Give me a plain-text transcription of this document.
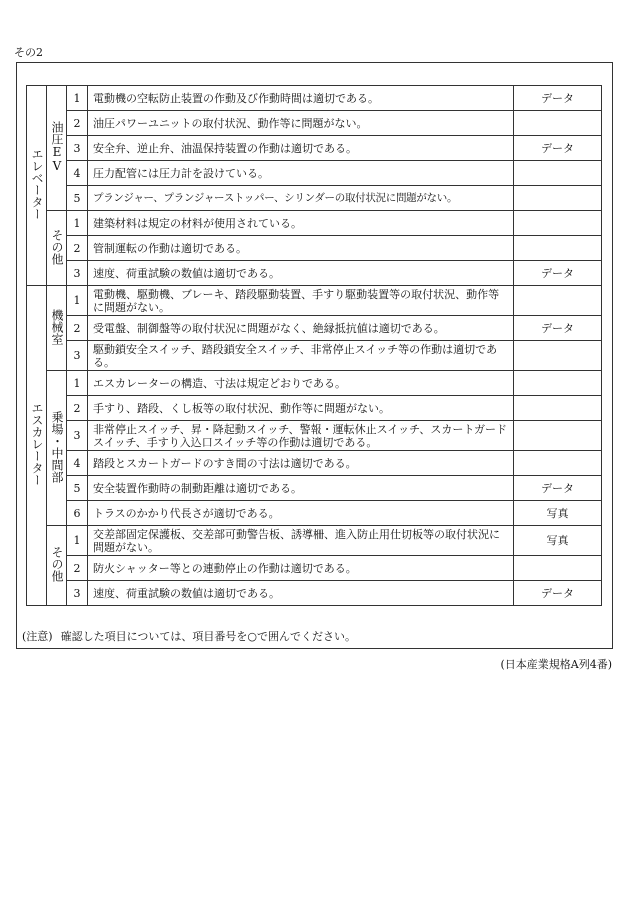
その2
エレベーター	油圧EV	1	電動機の空転防止装置の作動及び作動時間は適切である。	データ
		2	油圧パワーユニットの取付状況、動作等に問題がない。	
		3	安全弁、逆止弁、油温保持装置の作動は適切である。	データ
		4	圧力配管には圧力計を設けている。	
		5	プランジャー、プランジャーストッパー、シリンダーの取付状況に問題がない。	
	その他	1	建築材料は規定の材料が使用されている。	
		2	管制運転の作動は適切である。	
		3	速度、荷重試験の数値は適切である。	データ
エスカレーター	機械室	1	電動機、駆動機、ブレーキ、踏段駆動装置、手すり駆動装置等の取付状況、動作等に問題がない。	
		2	受電盤、制御盤等の取付状況に問題がなく、絶縁抵抗値は適切である。	データ
		3	駆動鎖安全スイッチ、踏段鎖安全スイッチ、非常停止スイッチ等の作動は適切である。	
	乗場・中間部	1	エスカレーターの構造、寸法は規定どおりである。	
		2	手すり、踏段、くし板等の取付状況、動作等に問題がない。	
		3	非常停止スイッチ、昇・降起動スイッチ、警報・運転休止スイッチ、スカートガードスイッチ、手すり入込口スイッチ等の作動は適切である。	
		4	踏段とスカートガードのすき間の寸法は適切である。	
		5	安全装置作動時の制動距離は適切である。	データ
		6	トラスのかかり代長さが適切である。	写真
	その他	1	交差部固定保護板、交差部可動警告板、誘導柵、進入防止用仕切板等の取付状況に問題がない。	写真
		2	防火シャッター等との連動停止の作動は適切である。	
		3	速度、荷重試験の数値は適切である。	データ
(注意) 確認した項目については、項目番号を○で囲んでください。
(日本産業規格A列4番)
